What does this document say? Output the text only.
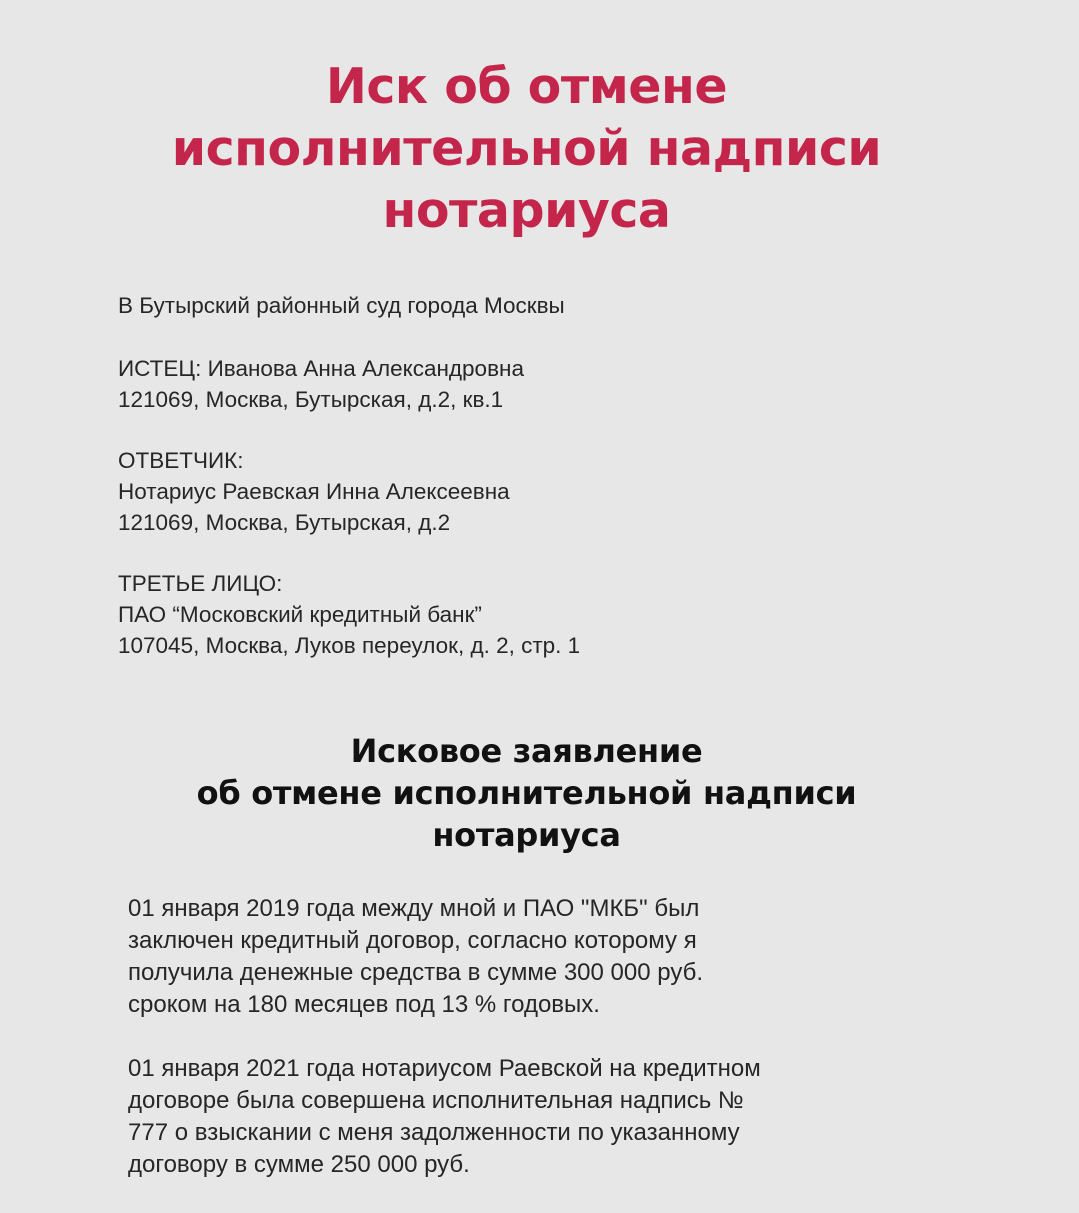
Иск об отмене
исполнительной надписи
нотариуса
В Бутырский районный суд города Москвы
ИСТЕЦ: Иванова Анна Александровна
121069, Москва, Бутырская, д.2, кв.1
ОТВЕТЧИК:
Нотариус Раевская Инна Алексеевна
121069, Москва, Бутырская, д.2
ТРЕТЬЕ ЛИЦО:
ПАО “Московский кредитный банк”
107045, Москва, Луков переулок, д. 2, стр. 1
Исковое заявление
об отмене исполнительной надписи
нотариуса
01 января 2019 года между мной и ПАО "МКБ" был
заключен кредитный договор, согласно которому я
получила денежные средства в сумме 300 000 руб.
сроком на 180 месяцев под 13 % годовых.
01 января 2021 года нотариусом Раевской на кредитном
договоре была совершена исполнительная надпись №
777 о взыскании с меня задолженности по указанному
договору в сумме 250 000 руб.
